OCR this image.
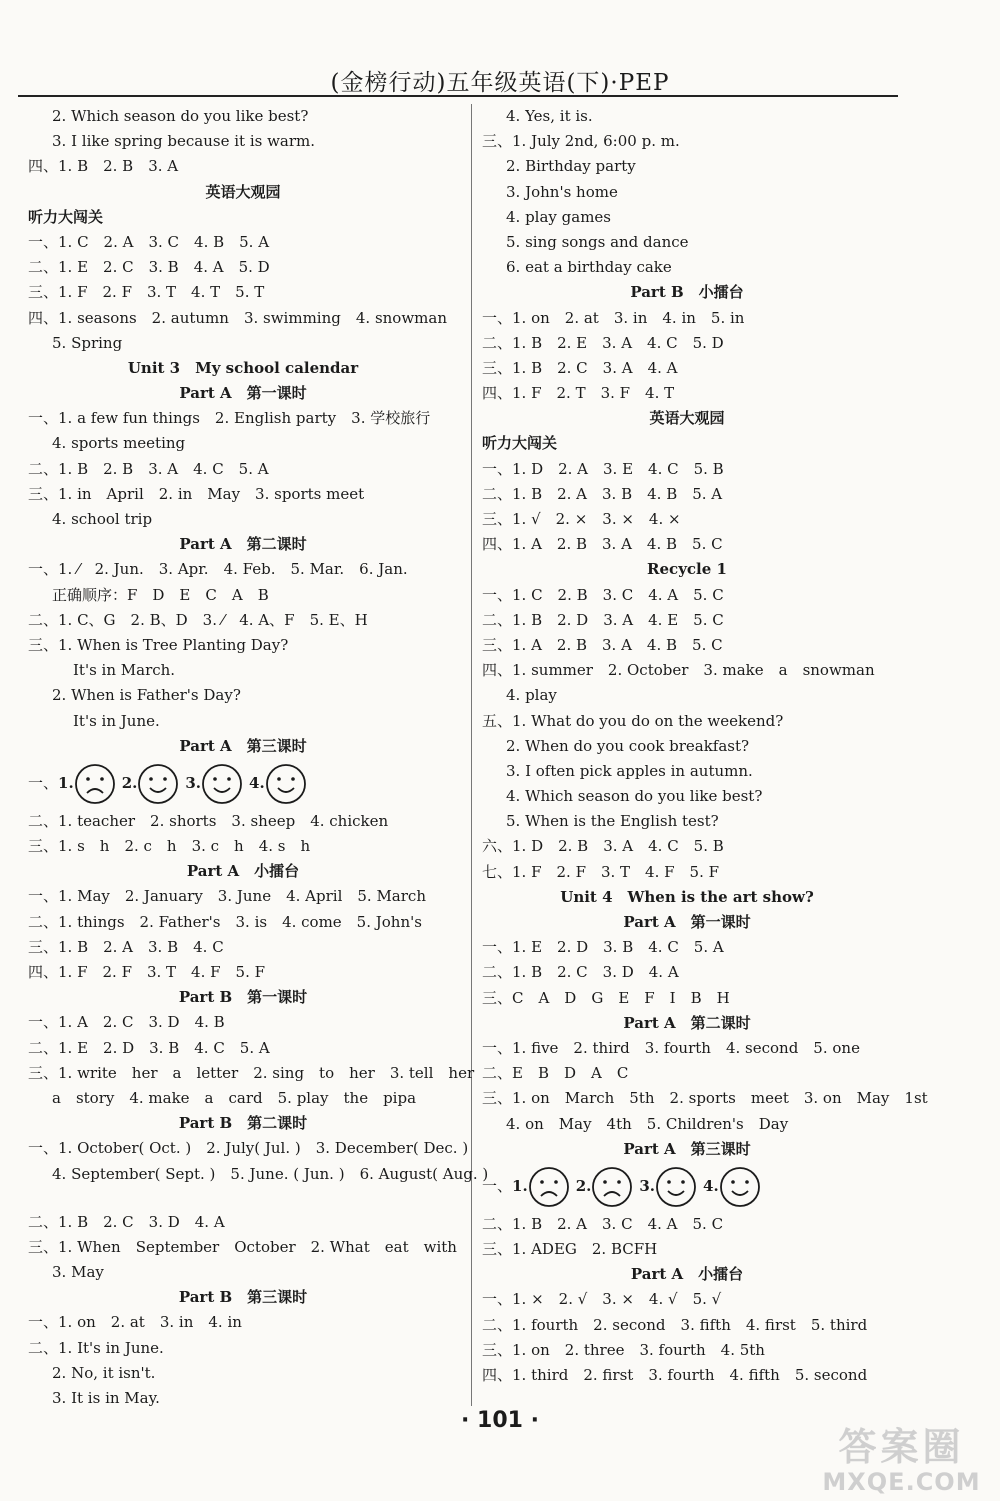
(金榜行动)五年级英语(下)·PEP
2. Which season do you like best?
3. I like spring because it is warm.
四、1. B　2. B　3. A
英语大观园
听力大闯关
一、1. C　2. A　3. C　4. B　5. A
二、1. E　2. C　3. B　4. A　5. D
三、1. F　2. F　3. T　4. T　5. T
四、1. seasons　2. autumn　3. swimming　4. snowman
5. Spring
Unit 3　My school calendar
Part A　第一课时
一、1. a few fun things　2. English party　3. 学校旅行
4. sports meeting
二、1. B　2. B　3. A　4. C　5. A
三、1. in　April　2. in　May　3. sports meet
4. school trip
Part A　第二课时
一、1. ⁄　2. Jun.　3. Apr.　4. Feb.　5. Mar.　6. Jan.
正确顺序：F　D　E　C　A　B
二、1. C、G　2. B、D　3. ⁄　4. A、F　5. E、H
三、1. When is Tree Planting Day?
It's in March.
2. When is Father's Day?
It's in June.
Part A　第三课时
一、 1.	2.	3.	4.
二、1. teacher　2. shorts　3. sheep　4. chicken
三、1. s　h　2. c　h　3. c　h　4. s　h
Part A　小擂台
一、1. May　2. January　3. June　4. April　5. March
二、1. things　2. Father's　3. is　4. come　5. John's
三、1. B　2. A　3. B　4. C
四、1. F　2. F　3. T　4. F　5. F
Part B　第一课时
一、1. A　2. C　3. D　4. B
二、1. E　2. D　3. B　4. C　5. A
三、1. write　her　a　letter　2. sing　to　her　3. tell　her
a　story　4. make　a　card　5. play　the　pipa
Part B　第二课时
一、1. October( Oct. )　2. July( Jul. )　3. December( Dec. )
4. September( Sept. )　5. June. ( Jun. )　6. August( Aug. )
二、1. B　2. C　3. D　4. A
三、1. When　September　October　2. What　eat　with
3. May
Part B　第三课时
一、1. on　2. at　3. in　4. in
二、1. It's in June.
2. No, it isn't.
3. It is in May.
4. Yes, it is.
三、1. July 2nd, 6:00 p. m.
2. Birthday party
3. John's home
4. play games
5. sing songs and dance
6. eat a birthday cake
Part B　小擂台
一、1. on　2. at　3. in　4. in　5. in
二、1. B　2. E　3. A　4. C　5. D
三、1. B　2. C　3. A　4. A
四、1. F　2. T　3. F　4. T
英语大观园
听力大闯关
一、1. D　2. A　3. E　4. C　5. B
二、1. B　2. A　3. B　4. B　5. A
三、1. √　2. ×　3. ×　4. ×
四、1. A　2. B　3. A　4. B　5. C
Recycle 1
一、1. C　2. B　3. C　4. A　5. C
二、1. B　2. D　3. A　4. E　5. C
三、1. A　2. B　3. A　4. B　5. C
四、1. summer　2. October　3. make　a　snowman
4. play
五、1. What do you do on the weekend?
2. When do you cook breakfast?
3. I often pick apples in autumn.
4. Which season do you like best?
5. When is the English test?
六、1. D　2. B　3. A　4. C　5. B
七、1. F　2. F　3. T　4. F　5. F
Unit 4　When is the art show?
Part A　第一课时
一、1. E　2. D　3. B　4. C　5. A
二、1. B　2. C　3. D　4. A
三、C　A　D　G　E　F　I　B　H
Part A　第二课时
一、1. five　2. third　3. fourth　4. second　5. one
二、E　B　D　A　C
三、1. on　March　5th　2. sports　meet　3. on　May　1st
4. on　May　4th　5. Children's　Day
Part A　第三课时
一、 1.	2.	3.	4.
二、1. B　2. A　3. C　4. A　5. C
三、1. ADEG　2. BCFH
Part A　小擂台
一、1. ×　2. √　3. ×　4. √　5. √
二、1. fourth　2. second　3. fifth　4. first　5. third
三、1. on　2. three　3. fourth　4. 5th
四、1. third　2. first　3. fourth　4. fifth　5. second
· 101 ·
答案圈
MXQE.COM
